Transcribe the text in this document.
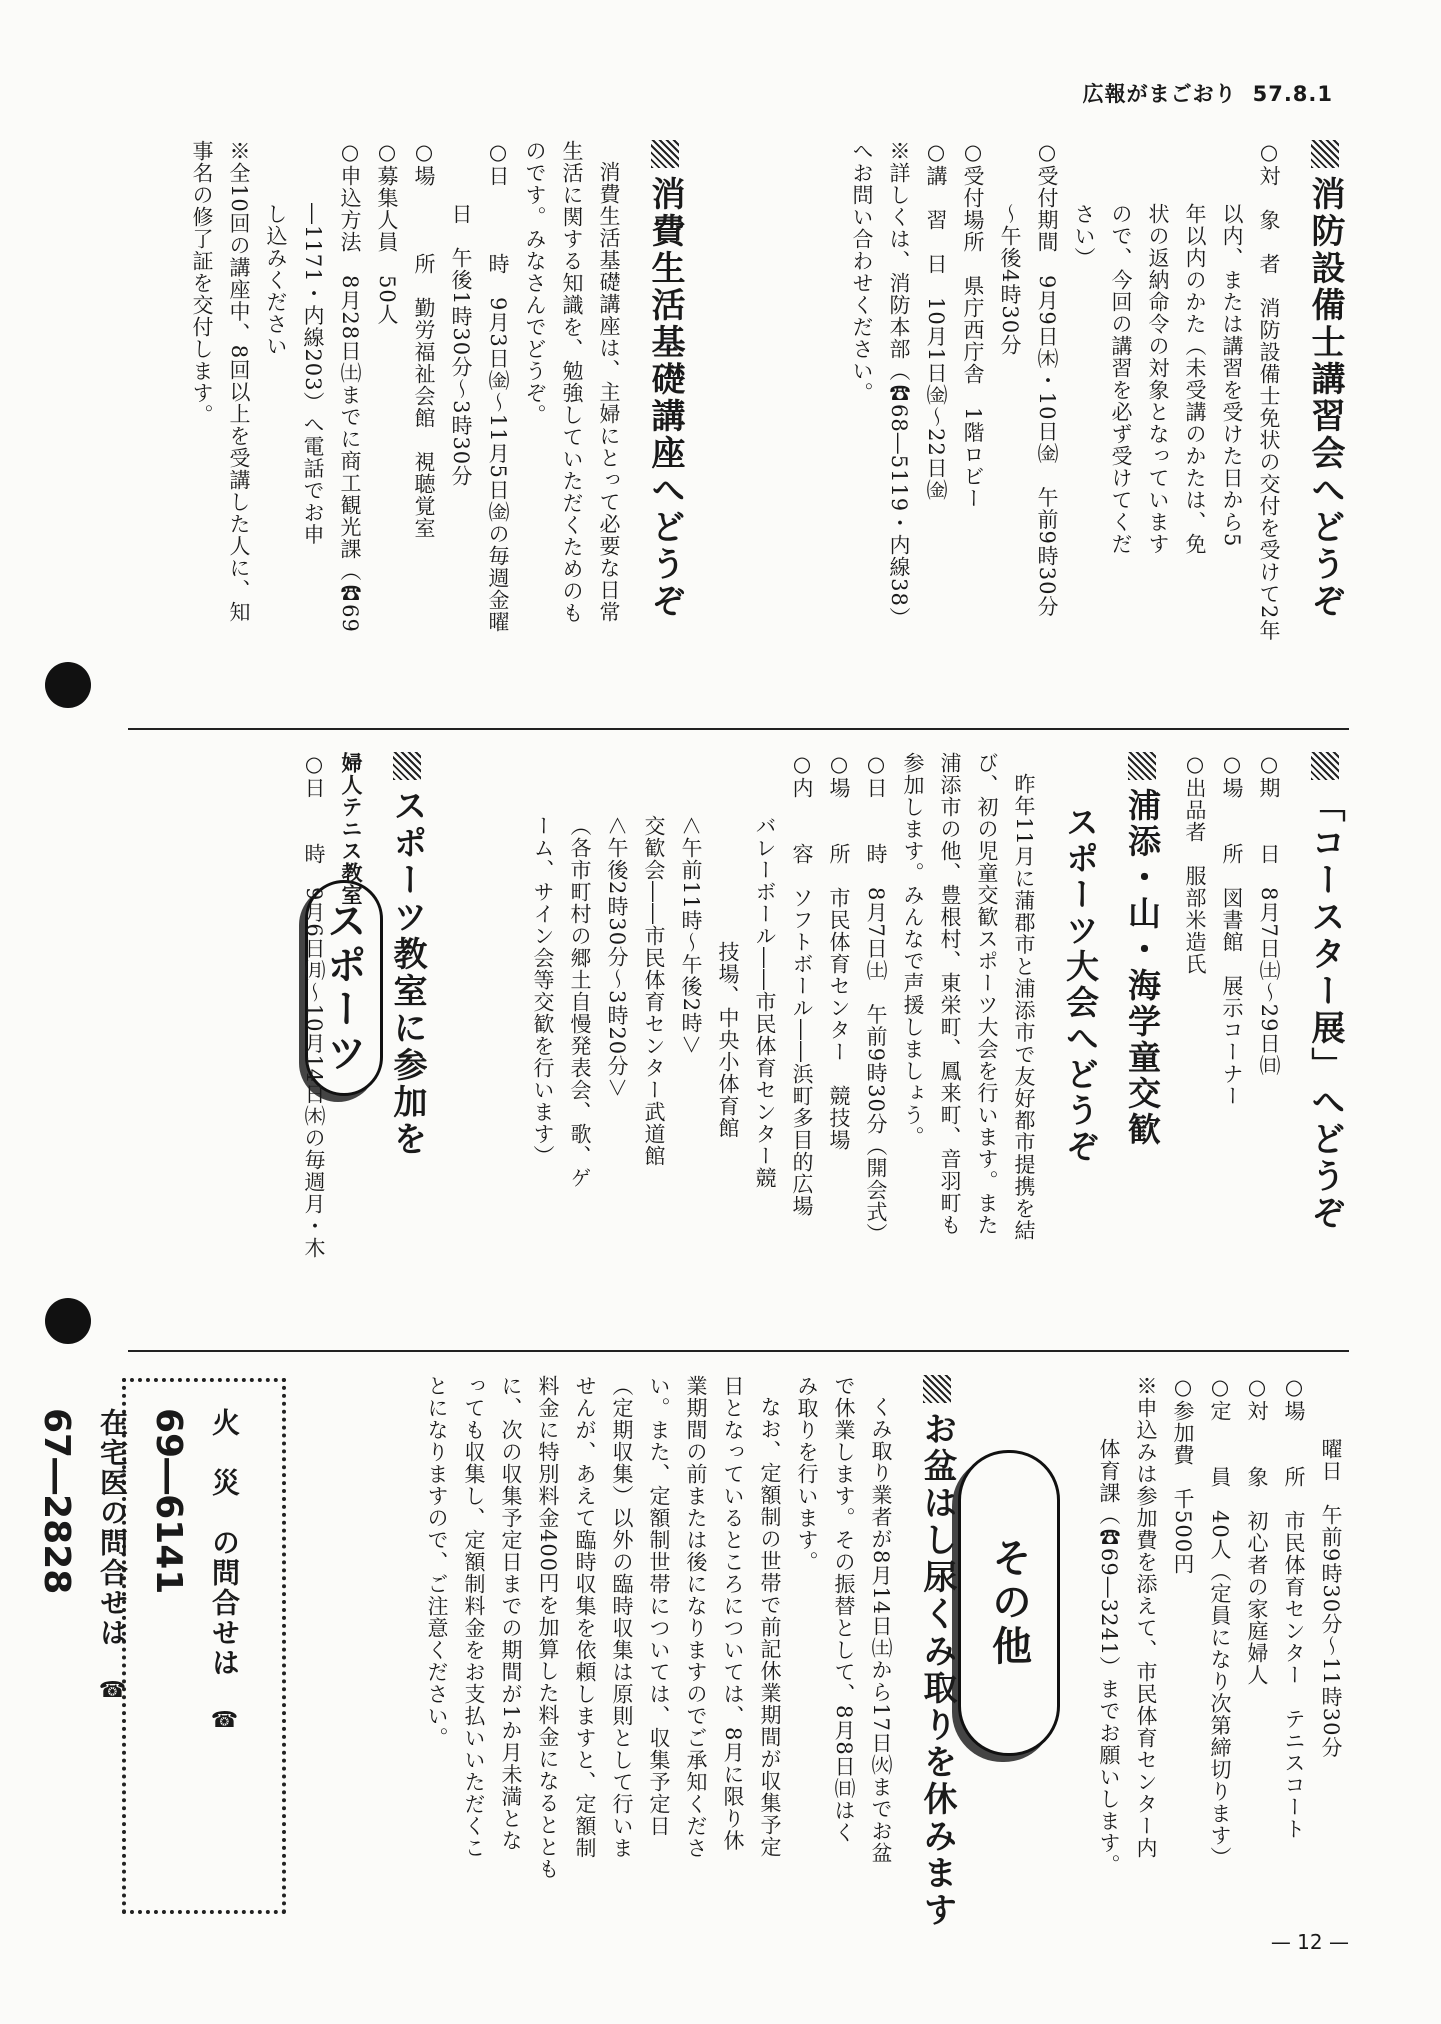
広報がまごおり 57.8.1
消防設備士講習会へどうぞ
○対　象　者　消防設備士免状の交付を受けて2年
以内、または講習を受けた日から5
年以内のかた（未受講のかたは、免
状の返納命令の対象となっています
ので、今回の講習を必ず受けてくだ
さい）
○受付期間　9月9日㈭・10日㈮　午前9時30分
〜午後4時30分
○受付場所　県庁西庁舎　1階ロビー
○講　習　日　10月1日㈮〜22日㈮
※詳しくは、消防本部（☎68―5119・内線38）
へお問い合わせください。
消費生活基礎講座へどうぞ
消費生活基礎講座は、主婦にとって必要な日常
生活に関する知識を、勉強していただくためのも
のです。みなさんでどうぞ。
○日　　　時　9月3日㈮〜11月5日㈮の毎週金曜
日　午後1時30分〜3時30分
○場　　　所　勤労福祉会館　視聴覚室
○募集人員　50人
○申込方法　8月28日㈯までに商工観光課（☎69
―1171・内線203）へ電話でお申
し込みください
※全10回の講座中、8回以上を受講した人に、知
事名の修了証を交付します。
「コースター展」へどうぞ
○期　　日　8月7日㈯〜29日㈰
○場　　所　図書館　展示コーナー
○出品者　服部米造氏
浦添・山・海学童交歓
スポーツ大会へどうぞ
昨年11月に蒲郡市と浦添市で友好都市提携を結
び、初の児童交歓スポーツ大会を行います。また
浦添市の他、豊根村、東栄町、鳳来町、音羽町も
参加します。みんなで声援しましょう。
○日　　時　8月7日㈯　午前9時30分（開会式）
○場　　所　市民体育センター　競技場
○内　　容　ソフトボール――浜町多目的広場
バレーボール――市民体育センター競
技場、中央小体育館
＜午前11時〜午後2時＞
交歓会――市民体育センター武道館
＜午後2時30分〜3時20分＞
（各市町村の郷土自慢発表会、歌、ゲ
ーム、サイン会等交歓を行います）
スポーツ スポーツ教室に参加を
婦人テニス教室
○日　　時　9月6日㈪〜10月14日㈭の毎週月・木
曜日　午前9時30分〜11時30分
○場　　所　市民体育センター　テニスコート
○対　　象　初心者の家庭婦人
○定　　員　40人（定員になり次第締切ります）
○参加費　千500円
※申込みは参加費を添えて、市民体育センター内
体育課（☎69―3241）までお願いします。
その他
お盆はし尿くみ取りを休みます
くみ取り業者が8月14日㈯から17日㈫までお盆
で休業します。その振替として、8月8日㈰はく
み取りを行います。
なお、定額制の世帯で前記休業期間が収集予定
日となっているところについては、8月に限り休
業期間の前または後になりますのでご承知くださ
い。また、定額制世帯については、収集予定日
（定期収集）以外の臨時収集は原則として行いま
せんが、あえて臨時収集を依頼しますと、定額制
料金に特別料金400円を加算した料金になるととも
に、次の収集予定日までの期間が1か月未満とな
っても収集し、定額制料金をお支払いいただくこ
とになりますので、ご注意ください。
火　災　の問合せは　☎ 69―6141
在宅医の問合せは　☎ 67―2828
— 12 —
